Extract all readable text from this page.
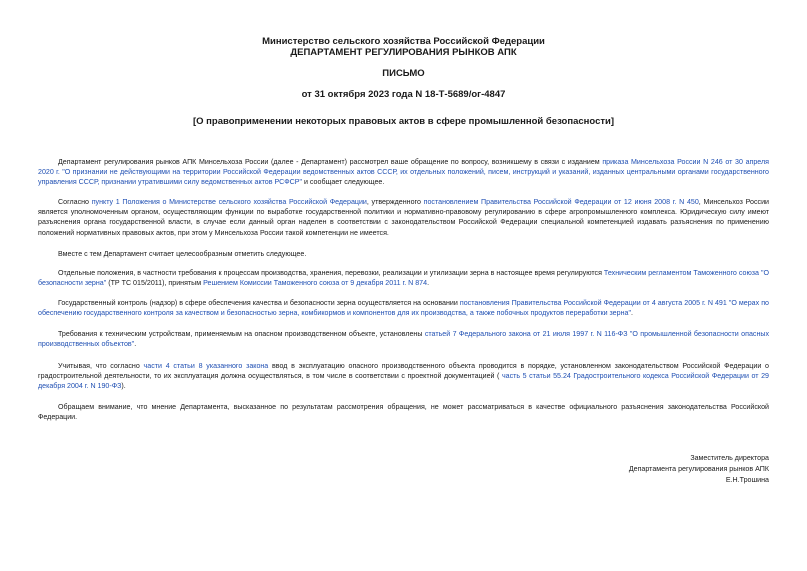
Министерство сельского хозяйства Российской Федерации
ДЕПАРТАМЕНТ РЕГУЛИРОВАНИЯ РЫНКОВ АПК
ПИСЬМО
от 31 октября 2023 года N 18-Т-5689/ог-4847
[О правоприменении некоторых правовых актов в сфере промышленной безопасности]

Департамент регулирования рынков АПК Минсельхоза России (далее - Департамент) рассмотрел ваше обращение по вопросу, возникшему в связи с изданием приказа Минсельхоза России N 246 от 30 апреля 2020 г. "О признании не действующими на территории Российской Федерации ведомственных актов СССР, их отдельных положений, писем, инструкций и указаний, изданных центральными органами государственного управления СССР, признании утратившими силу ведомственных актов РСФСР" и сообщает следующее.

Согласно пункту 1 Положения о Министерстве сельского хозяйства Российской Федерации, утвержденного постановлением Правительства Российской Федерации от 12 июня 2008 г. N 450, Минсельхоз России является уполномоченным органом, осуществляющим функции по выработке государственной политики и нормативно-правовому регулированию в сфере агропромышленного комплекса. Юридическую силу имеют разъяснения органа государственной власти, в случае если данный орган наделен в соответствии с законодательством Российской Федерации специальной компетенцией издавать разъяснения по применению положений нормативных правовых актов, при этом у Минсельхоза России такой компетенции не имеется.

Вместе с тем Департамент считает целесообразным отметить следующее.

Отдельные положения, в частности требования к процессам производства, хранения, перевозки, реализации и утилизации зерна в настоящее время регулируются Техническим регламентом Таможенного союза "О безопасности зерна" (ТР ТС 015/2011), принятым Решением Комиссии Таможенного союза от 9 декабря 2011 г. N 874.

Государственный контроль (надзор) в сфере обеспечения качества и безопасности зерна осуществляется на основании постановления Правительства Российской Федерации от 4 августа 2005 г. N 491 "О мерах по обеспечению государственного контроля за качеством и безопасностью зерна, комбикормов и компонентов для их производства, а также побочных продуктов переработки зерна".

Требования к техническим устройствам, применяемым на опасном производственном объекте, установлены статьей 7 Федерального закона от 21 июля 1997 г. N 116-ФЗ "О промышленной безопасности опасных производственных объектов".

Учитывая, что согласно части 4 статьи 8 указанного закона ввод в эксплуатацию опасного производственного объекта проводится в порядке, установленном законодательством Российской Федерации о градостроительной деятельности, то их эксплуатация должна осуществляться, в том числе в соответствии с проектной документацией ( часть 5 статьи 55.24 Градостроительного кодекса Российской Федерации от 29 декабря 2004 г. N 190-ФЗ).

Обращаем внимание, что мнение Департамента, высказанное по результатам рассмотрения обращения, не может рассматриваться в качестве официального разъяснения законодательства Российской Федерации.

Заместитель директора
Департамента регулирования рынков АПК
Е.Н.Трошина
